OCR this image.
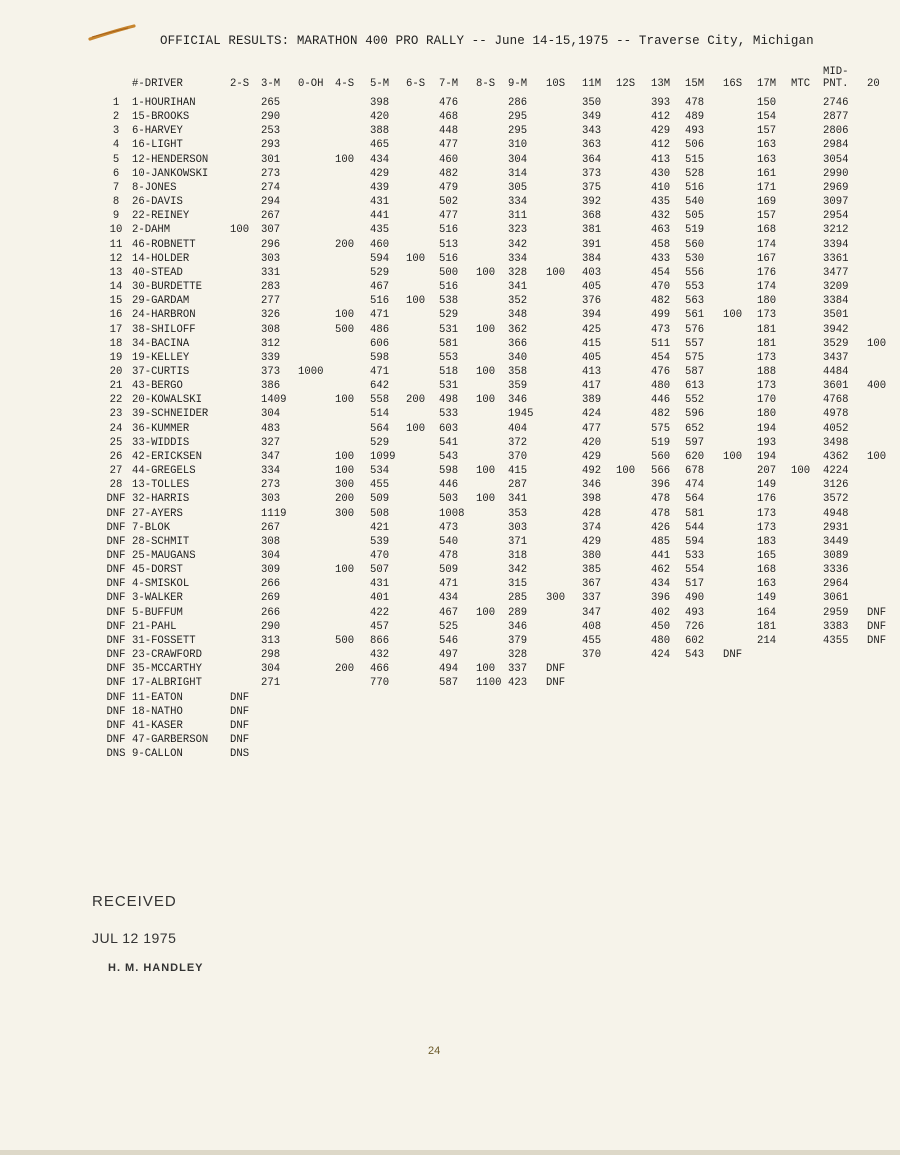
OFFICIAL RESULTS: MARATHON 400 PRO RALLY -- June 14-15,1975 -- Traverse City, Michigan
	#-DRIVER	2-S	3-M	0-OH	4-S	5-M	6-S	7-M	8-S	9-M	10S	11M	12S	13M	15M	16S	17M	MTC	MID-PNT.	20
1	1-HOURIHAN		265			398		476		286		350		393	478		150		2746	
2	15-BROOKS		290			420		468		295		349		412	489		154		2877	
3	6-HARVEY		253			388		448		295		343		429	493		157		2806	
4	16-LIGHT		293			465		477		310		363		412	506		163		2984	
5	12-HENDERSON		301		100	434		460		304		364		413	515		163		3054	
6	10-JANKOWSKI		273			429		482		314		373		430	528		161		2990	
7	8-JONES		274			439		479		305		375		410	516		171		2969	
8	26-DAVIS		294			431		502		334		392		435	540		169		3097	
9	22-REINEY		267			441		477		311		368		432	505		157		2954	
10	2-DAHM	100	307			435		516		323		381		463	519		168		3212	
11	46-ROBNETT		296		200	460		513		342		391		458	560		174		3394	
12	14-HOLDER		303			594	100	516		334		384		433	530		167		3361	
13	40-STEAD		331			529		500	100	328	100	403		454	556		176		3477	
14	30-BURDETTE		283			467		516		341		405		470	553		174		3209	
15	29-GARDAM		277			516	100	538		352		376		482	563		180		3384	
16	24-HARBRON		326		100	471		529		348		394		499	561	100	173		3501	
17	38-SHILOFF		308		500	486		531	100	362		425		473	576		181		3942	
18	34-BACINA		312			606		581		366		415		511	557		181		3529	100
19	19-KELLEY		339			598		553		340		405		454	575		173		3437	
20	37-CURTIS		373	1000		471		518	100	358		413		476	587		188		4484	
21	43-BERGO		386			642		531		359		417		480	613		173		3601	400
22	20-KOWALSKI		1409		100	558	200	498	100	346		389		446	552		170		4768	
23	39-SCHNEIDER		304			514		533		1945		424		482	596		180		4978	
24	36-KUMMER		483			564	100	603		404		477		575	652		194		4052	
25	33-WIDDIS		327			529		541		372		420		519	597		193		3498	
26	42-ERICKSEN		347		100	1099		543		370		429		560	620	100	194		4362	100
27	44-GREGELS		334		100	534		598	100	415		492	100	566	678		207	100	4224	
28	13-TOLLES		273		300	455		446		287		346		396	474		149		3126	
DNF	32-HARRIS		303		200	509		503	100	341		398		478	564		176		3572	
DNF	27-AYERS		1119		300	508		1008		353		428		478	581		173		4948	
DNF	7-BLOK		267			421		473		303		374		426	544		173		2931	
DNF	28-SCHMIT		308			539		540		371		429		485	594		183		3449	
DNF	25-MAUGANS		304			470		478		318		380		441	533		165		3089	
DNF	45-DORST		309		100	507		509		342		385		462	554		168		3336	
DNF	4-SMISKOL		266			431		471		315		367		434	517		163		2964	
DNF	3-WALKER		269			401		434		285	300	337		396	490		149		3061	
DNF	5-BUFFUM		266			422		467	100	289		347		402	493		164		2959	DNF
DNF	21-PAHL		290			457		525		346		408		450	726		181		3383	DNF
DNF	31-FOSSETT		313		500	866		546		379		455		480	602		214		4355	DNF
DNF	23-CRAWFORD		298			432		497		328		370		424	543	DNF				
DNF	35-MCCARTHY		304		200	466		494	100	337	DNF									
DNF	17-ALBRIGHT		271			770		587	1100	423	DNF									
DNF	11-EATON	DNF																		
DNF	18-NATHO	DNF																		
DNF	41-KASER	DNF																		
DNF	47-GARBERSON	DNF																		
DNS	9-CALLON	DNS																		
RECEIVED
JUL 12 1975
H. M. HANDLEY
24
